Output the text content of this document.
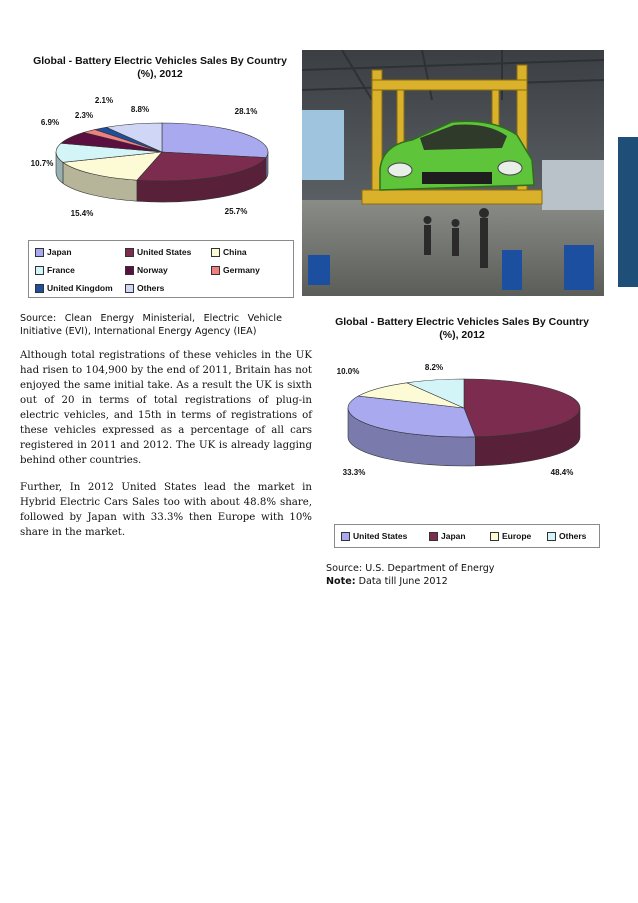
Global - Battery Electric Vehicles Sales By Country
(%), 2012
28.1%
25.7%
15.4%
10.7%
6.9%
2.3%
2.1%
8.8%
Japan	United States	China
France	Norway	Germany
United Kingdom	Others
Source: Clean Energy Ministerial, Electric Vehicle Initiative (EVI), International Energy Agency (IEA)
Global - Battery Electric Vehicles Sales By Country
(%), 2012
48.4%
33.3%
10.0%	8.2%
United States	Japan	Europe	Others
Source: U.S. Department of Energy
Note: Data till June 2012

Although total registrations of these vehicles in the UK had risen to 104,900 by the end of 2011, Britain has not enjoyed the same initial take. As a result the UK is sixth out of 20 in terms of total registrations of plug-in electric vehicles, and 15th in terms of registrations of these vehicles expressed as a percentage of all cars registered in 2011 and 2012. The UK is already lagging behind other countries.

Further, In 2012 United States lead the market in Hybrid Electric Cars Sales too with about 48.8% share, followed by Japan with 33.3% then Europe with 10% share in the market.
